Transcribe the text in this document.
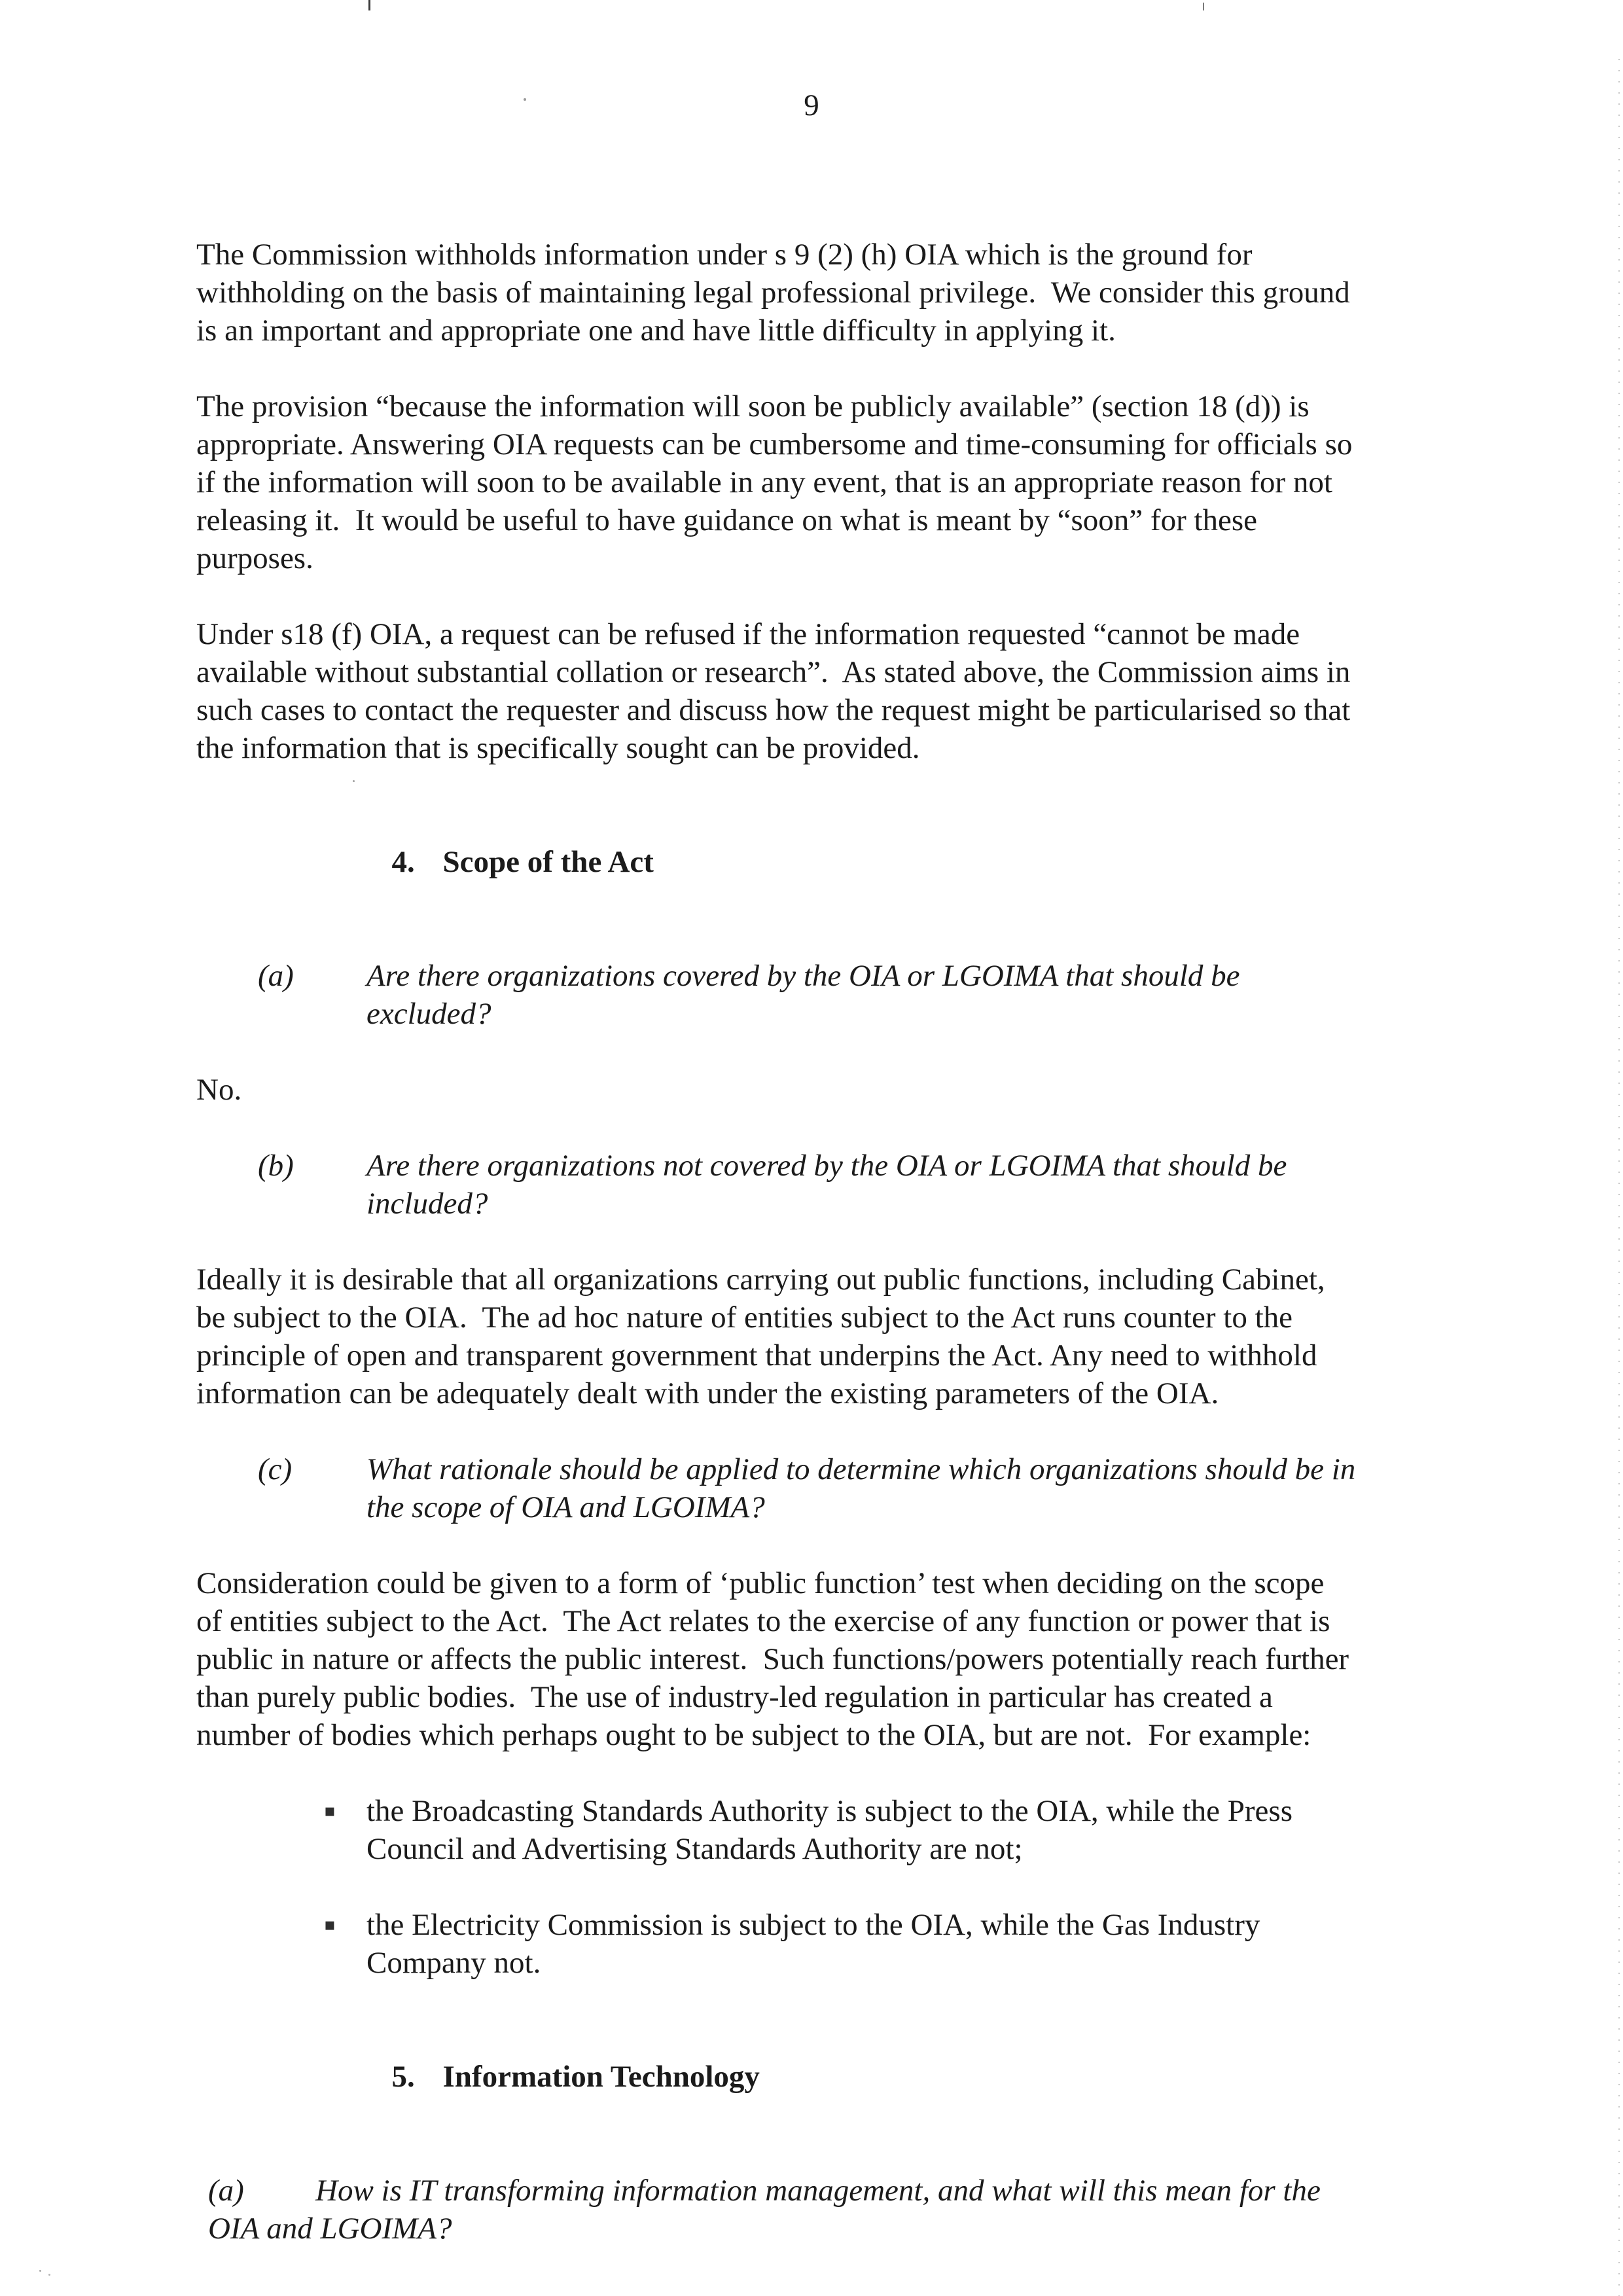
9
The Commission withholds information under s 9 (2) (h) OIA which is the ground for
withholding on the basis of maintaining legal professional privilege.  We consider this ground
is an important and appropriate one and have little difficulty in applying it.
The provision “because the information will soon be publicly available” (section 18 (d)) is
appropriate. Answering OIA requests can be cumbersome and time-consuming for officials so
if the information will soon to be available in any event, that is an appropriate reason for not
releasing it.  It would be useful to have guidance on what is meant by “soon” for these
purposes.
Under s18 (f) OIA, a request can be refused if the information requested “cannot be made
available without substantial collation or research”.  As stated above, the Commission aims in
such cases to contact the requester and discuss how the request might be particularised so that
the information that is specifically sought can be provided.

4. Scope of the Act

(a) Are there organizations covered by the OIA or LGOIMA that should be
excluded?
No.
(b) Are there organizations not covered by the OIA or LGOIMA that should be
included?
Ideally it is desirable that all organizations carrying out public functions, including Cabinet,
be subject to the OIA.  The ad hoc nature of entities subject to the Act runs counter to the
principle of open and transparent government that underpins the Act. Any need to withhold
information can be adequately dealt with under the existing parameters of the OIA.
(c) What rationale should be applied to determine which organizations should be in
the scope of OIA and LGOIMA?
Consideration could be given to a form of ‘public function’ test when deciding on the scope
of entities subject to the Act.  The Act relates to the exercise of any function or power that is
public in nature or affects the public interest.  Such functions/powers potentially reach further
than purely public bodies.  The use of industry-led regulation in particular has created a
number of bodies which perhaps ought to be subject to the OIA, but are not.  For example:
▪ the Broadcasting Standards Authority is subject to the OIA, while the Press
Council and Advertising Standards Authority are not;
▪ the Electricity Commission is subject to the OIA, while the Gas Industry
Company not.

5. Information Technology

(a) How is IT transforming information management, and what will this mean for the
OIA and LGOIMA?
